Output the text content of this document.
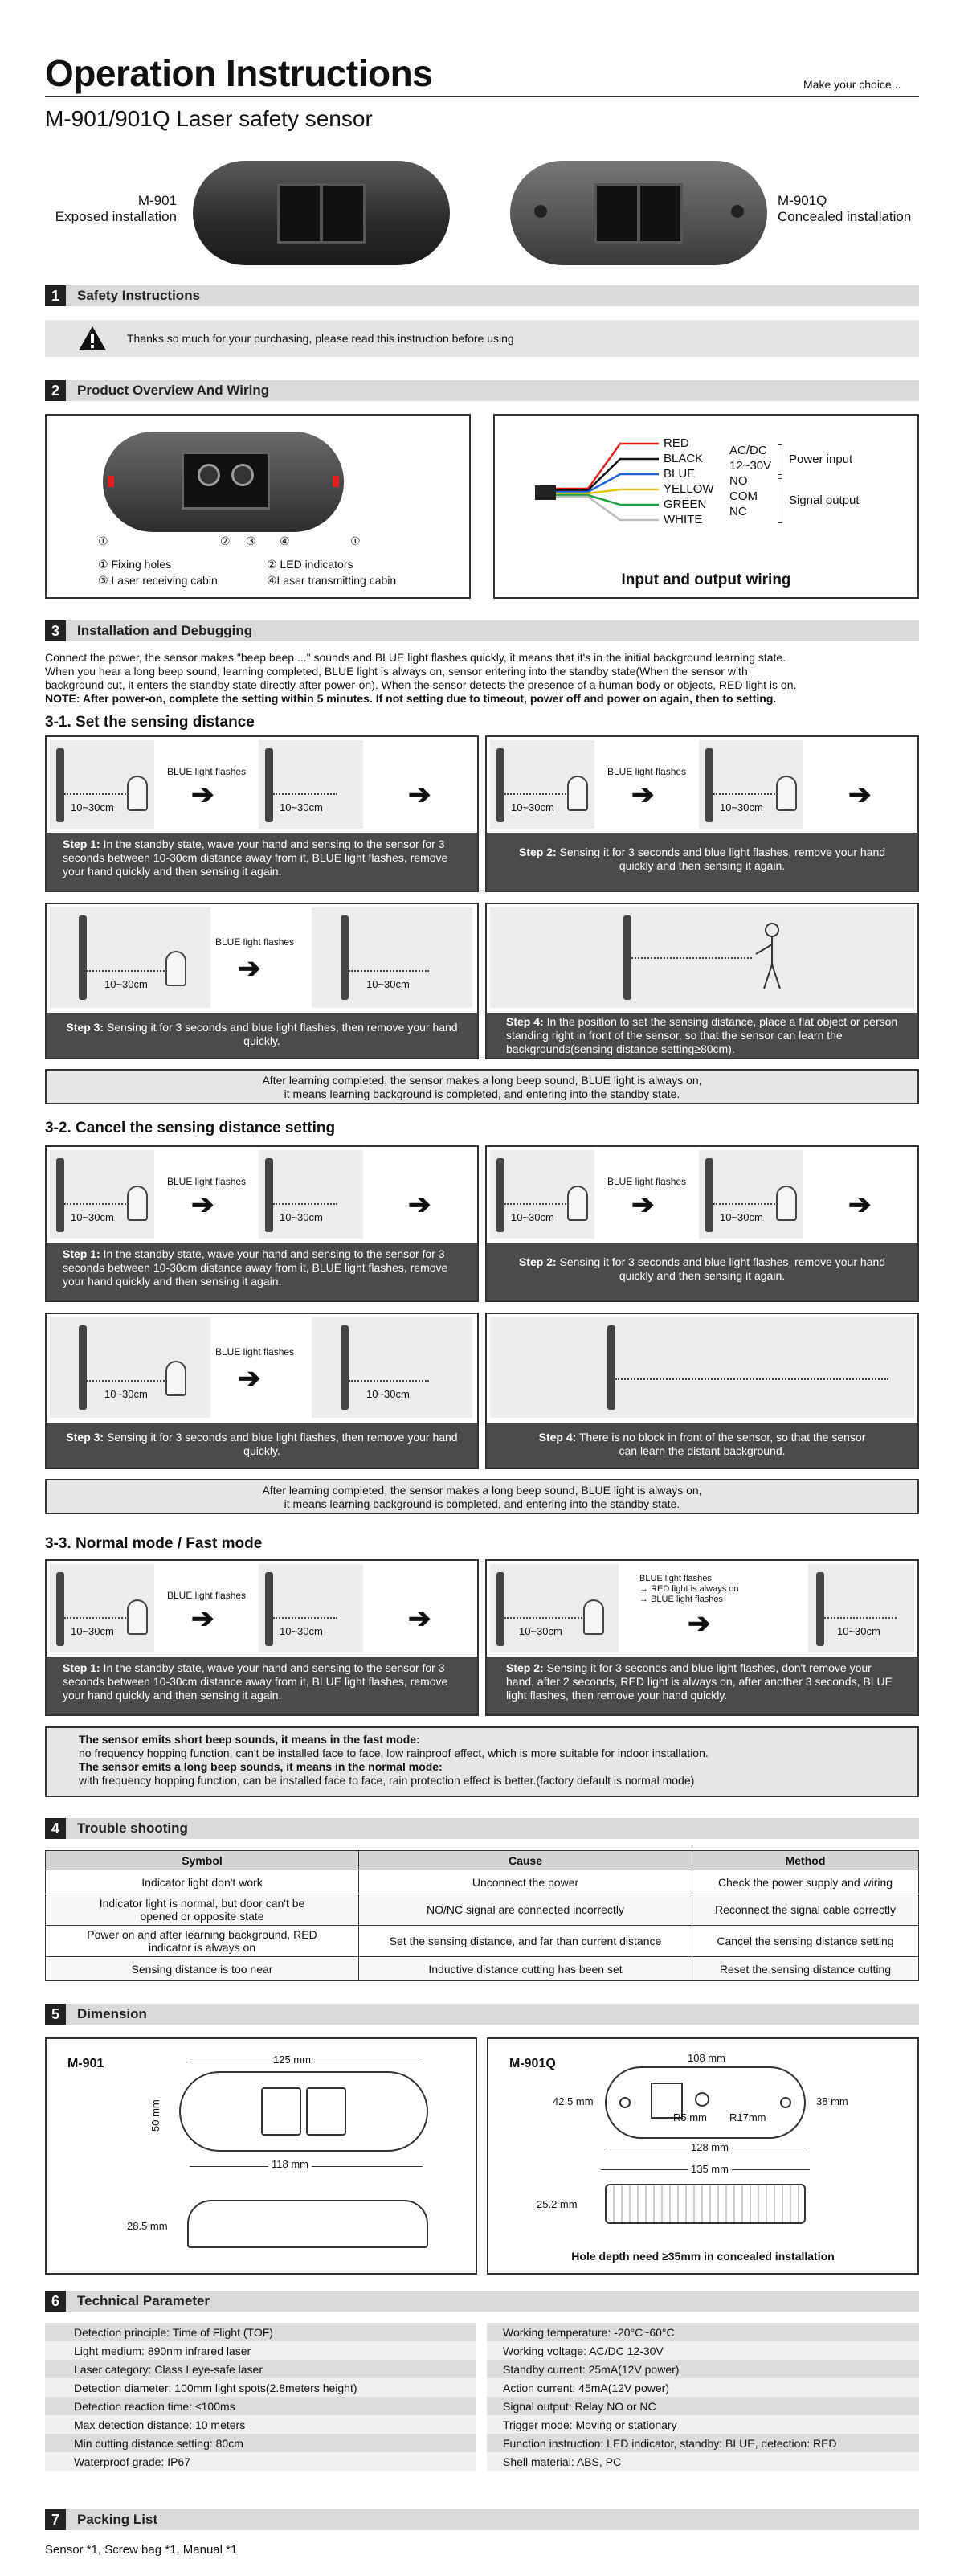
Operation Instructions	Make your choice...
M-901/901Q Laser safety sensor
M-901
Exposed installation
M-901Q
Concealed installation
1	Safety Instructions
Thanks so much for your purchasing, please read this instruction before using
2	Product Overview And Wiring
①	② ③ ④	①
① Fixing holes	② LED indicators
③ Laser receiving cabin	④Laser transmitting cabin
RED
BLACK
BLUE
YELLOW
GREEN
WHITE
AC/DC
12~30V
NO
COM
NC
Power input
Signal output
Input and output wiring
3	Installation and Debugging
Connect the power, the sensor makes "beep beep ..." sounds and BLUE light flashes quickly, it means that it's in the initial background learning state.
When you hear a long beep sound, learning completed, BLUE light is always on, sensor entering into the standby state(When the sensor with
background cut, it enters the standby state directly after power-on). When the sensor detects the presence of a human body or objects, RED light is on.
NOTE: After power-on, complete the setting within 5 minutes. If not setting due to timeout, power off and power on again, then to setting.
3-1. Set the sensing distance
10~30cm
BLUE light flashes
➔	10~30cm	➔
Step 1: In the standby state, wave your hand and sensing to the sensor for 3 seconds between 10-30cm distance away from it, BLUE light flashes, remove your hand quickly and then sensing it again.
10~30cm
BLUE light flashes
➔	10~30cm	➔
Step 2: Sensing it for 3 seconds and blue light flashes, remove your hand quickly and then sensing it again.
10~30cm
BLUE light flashes
➔
10~30cm
Step 3: Sensing it for 3 seconds and blue light flashes, then remove your hand quickly.
Step 4: In the position to set the sensing distance, place a flat object or person standing right in front of the sensor, so that the sensor can learn the backgrounds(sensing distance setting≥80cm).
After learning completed, the sensor makes a long beep sound, BLUE light is always on,
it means learning background is completed, and entering into the standby state.
3-2. Cancel the sensing distance setting
10~30cm
BLUE light flashes
➔	10~30cm	➔
Step 1: In the standby state, wave your hand and sensing to the sensor for 3 seconds between 10-30cm distance away from it, BLUE light flashes, remove your hand quickly and then sensing it again.
10~30cm
BLUE light flashes
➔	10~30cm	➔
Step 2: Sensing it for 3 seconds and blue light flashes, remove your hand quickly and then sensing it again.
10~30cm
BLUE light flashes
➔
10~30cm
Step 3: Sensing it for 3 seconds and blue light flashes, then remove your hand quickly.
Step 4: There is no block in front of the sensor, so that the sensor can learn the distant background.
After learning completed, the sensor makes a long beep sound, BLUE light is always on,
it means learning background is completed, and entering into the standby state.
3-3. Normal mode / Fast mode
10~30cm
BLUE light flashes
➔	10~30cm	➔
Step 1: In the standby state, wave your hand and sensing to the sensor for 3 seconds between 10-30cm distance away from it, BLUE light flashes, remove your hand quickly and then sensing it again.
10~30cm
BLUE light flashes
→ RED light is always on
→ BLUE light flashes
➔	10~30cm
Step 2: Sensing it for 3 seconds and blue light flashes, don't remove your hand, after 2 seconds, RED light is always on, after another 3 seconds, BLUE light flashes, then remove your hand quickly.
The sensor emits short beep sounds, it means in the fast mode:
no frequency hopping function, can't be installed face to face, low rainproof effect, which is more suitable for indoor installation.
The sensor emits a long beep sounds, it means in the normal mode:
with frequency hopping function, can be installed face to face, rain protection effect is better.(factory default is normal mode)
4	Trouble shooting
Symbol	Cause	Method
Indicator light don't work	Unconnect the power	Check the power supply and wiring
Indicator light is normal, but door can't be opened or opposite state	NO/NC signal are connected incorrectly	Reconnect the signal cable correctly
Power on and after learning background, RED indicator is always on	Set the sensing distance, and far than current distance	Cancel the sensing distance setting
Sensing distance is too near	Inductive distance cutting has been set	Reset the sensing distance cutting
5	Dimension
M-901	125 mm
50 mm
118 mm
28.5 mm
M-901Q	108 mm
42.5 mm
R5 mm R17mm
38 mm
128 mm
135 mm
25.2 mm
Hole depth need ≥35mm in concealed installation
6	Technical Parameter
Detection principle: Time of Flight (TOF)
Light medium: 890nm infrared laser
Laser category: Class I eye-safe laser
Detection diameter: 100mm light spots(2.8meters height)
Detection reaction time: ≤100ms
Max detection distance: 10 meters
Min cutting distance setting: 80cm
Waterproof grade: IP67
Working temperature: -20°C~60°C
Working voltage: AC/DC 12-30V
Standby current: 25mA(12V power)
Action current: 45mA(12V power)
Signal output: Relay NO or NC
Trigger mode: Moving or stationary
Function instruction: LED indicator, standby: BLUE, detection: RED
Shell material: ABS, PC
7	Packing List
Sensor *1, Screw bag *1, Manual *1
